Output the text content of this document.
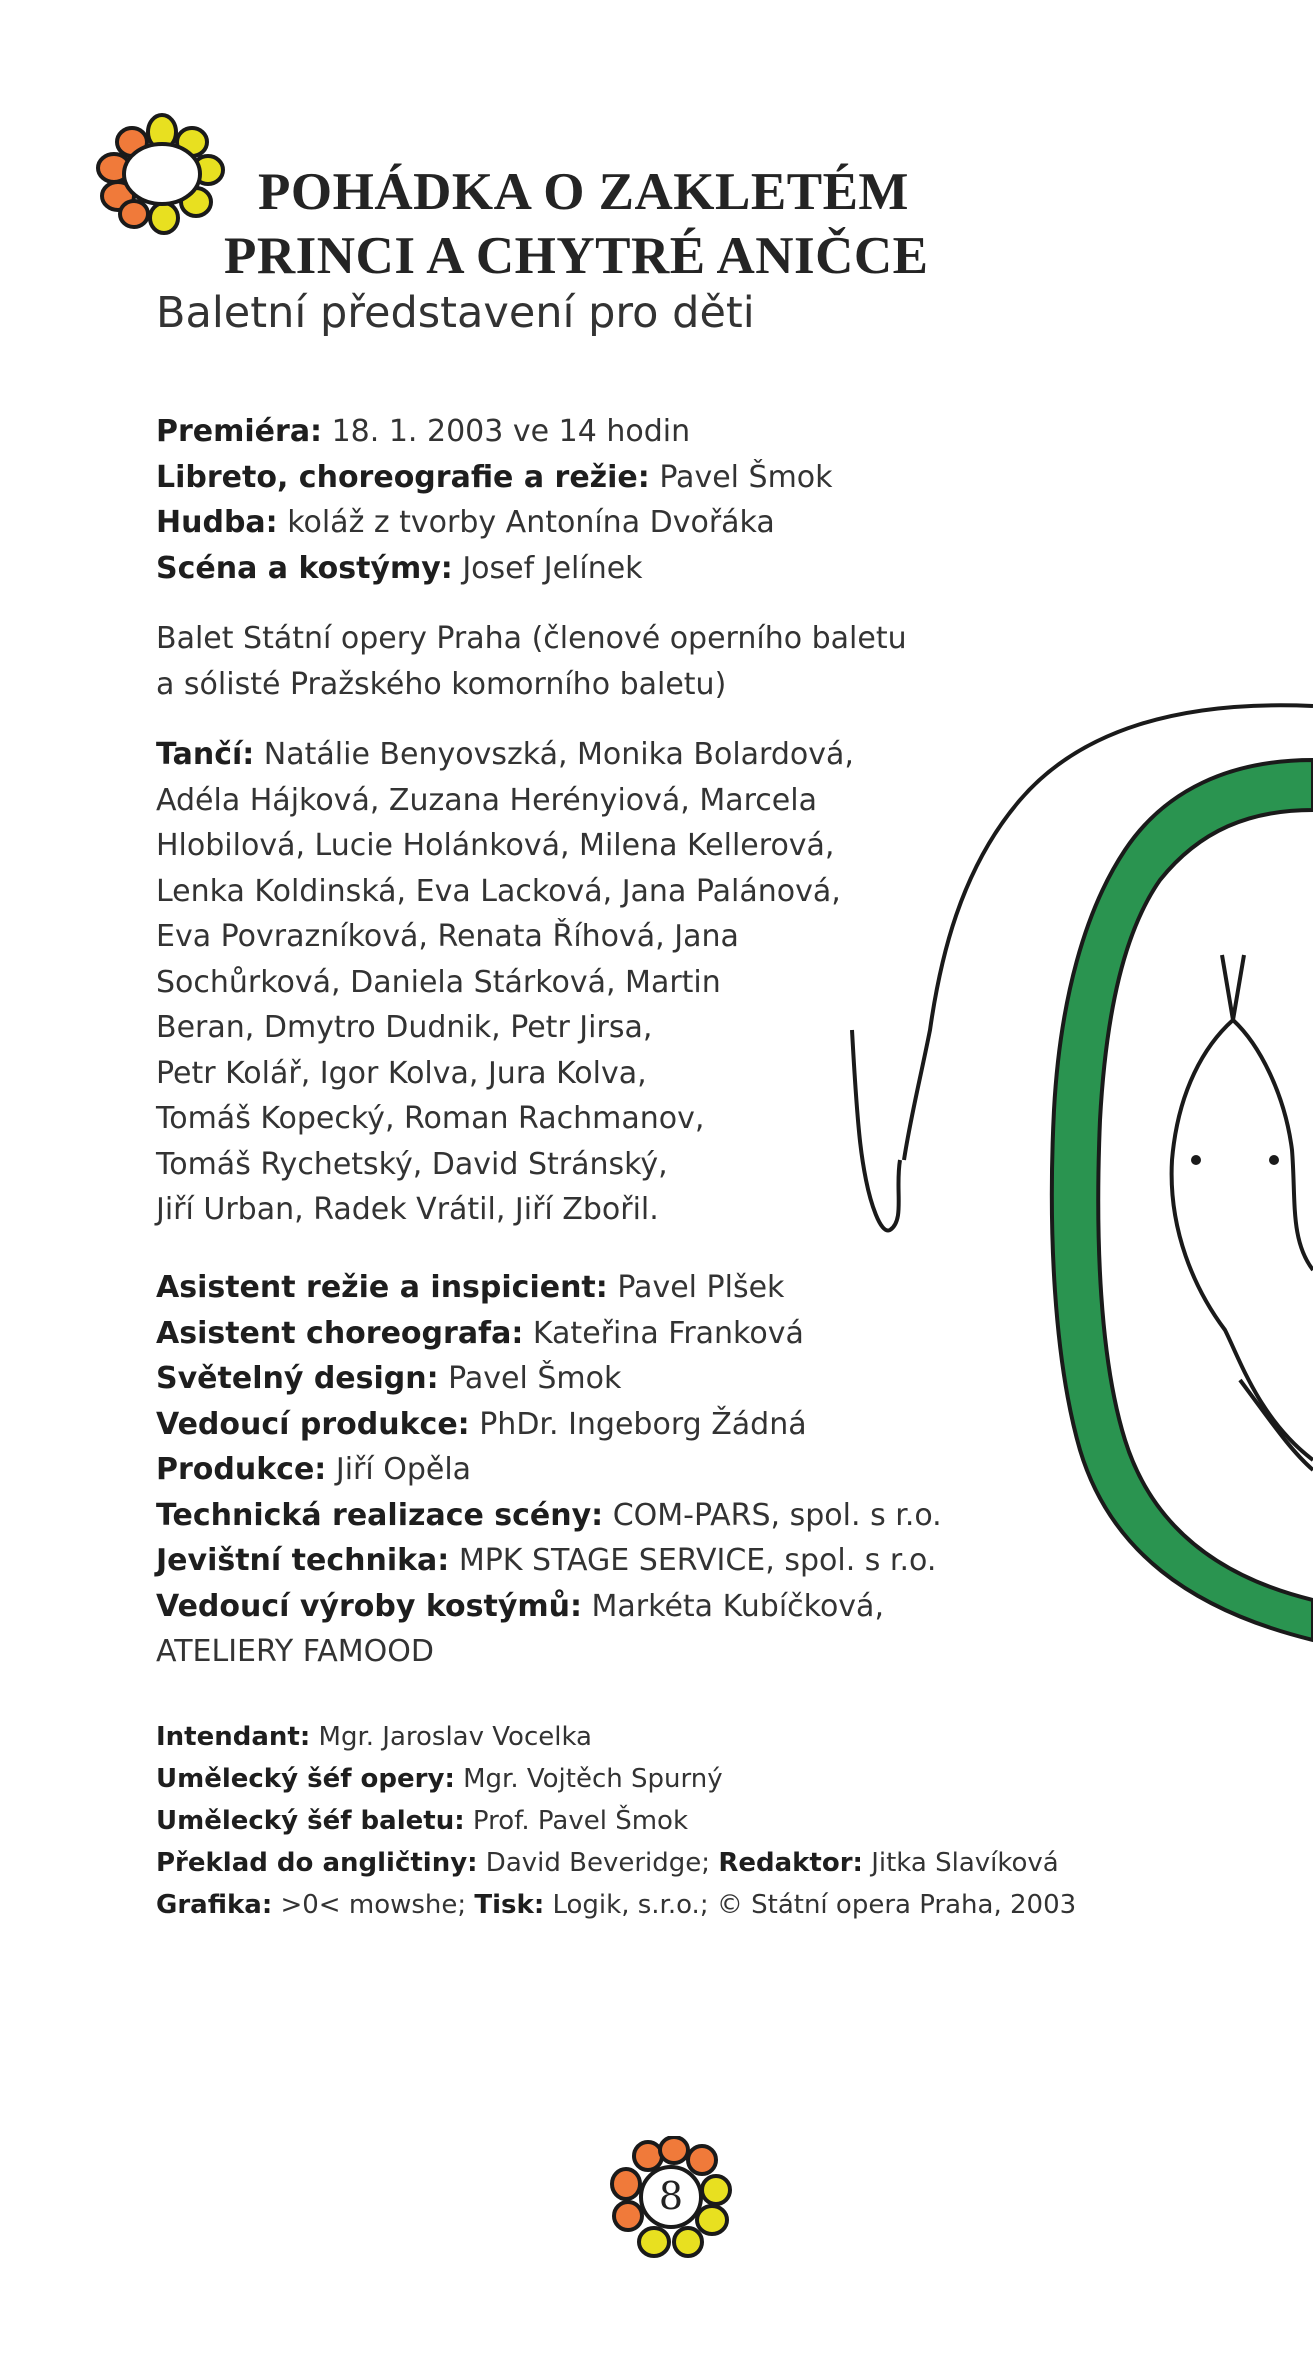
POHÁDKA O ZAKLETÉM
PRINCI A CHYTRÉ ANIČCE
Baletní představení pro děti

Premiéra: 18. 1. 2003 ve 14 hodin

Libreto, choreografie a režie: Pavel Šmok

Hudba: koláž z tvorby Antonína Dvořáka

Scéna a kostýmy: Josef Jelínek

Balet Státní opery Praha (členové operního baletu

a sólisté Pražského komorního baletu)

Tančí: Natálie Benyovszká, Monika Bolardová,

Adéla Hájková, Zuzana Herényiová, Marcela

Hlobilová, Lucie Holánková, Milena Kellerová,

Lenka Koldinská, Eva Lacková, Jana Palánová,

Eva Povrazníková, Renata Říhová, Jana

Sochůrková, Daniela Stárková, Martin

Beran, Dmytro Dudnik, Petr Jirsa,

Petr Kolář, Igor Kolva, Jura Kolva,

Tomáš Kopecký, Roman Rachmanov,

Tomáš Rychetský, David Stránský,

Jiří Urban, Radek Vrátil, Jiří Zbořil.

Asistent režie a inspicient: Pavel Plšek

Asistent choreografa: Kateřina Franková

Světelný design: Pavel Šmok

Vedoucí produkce: PhDr. Ingeborg Žádná

Produkce: Jiří Opěla

Technická realizace scény: COM-PARS, spol. s r.o.

Jevištní technika: MPK STAGE SERVICE, spol. s r.o.

Vedoucí výroby kostýmů: Markéta Kubíčková,

ATELIERY FAMOOD

Intendant: Mgr. Jaroslav Vocelka

Umělecký šéf opery: Mgr. Vojtěch Spurný

Umělecký šéf baletu: Prof. Pavel Šmok

Překlad do angličtiny: David Beveridge; Redaktor: Jitka Slavíková

Grafika: >0< mowshe; Tisk: Logik, s.r.o.; © Státní opera Praha, 2003

8
